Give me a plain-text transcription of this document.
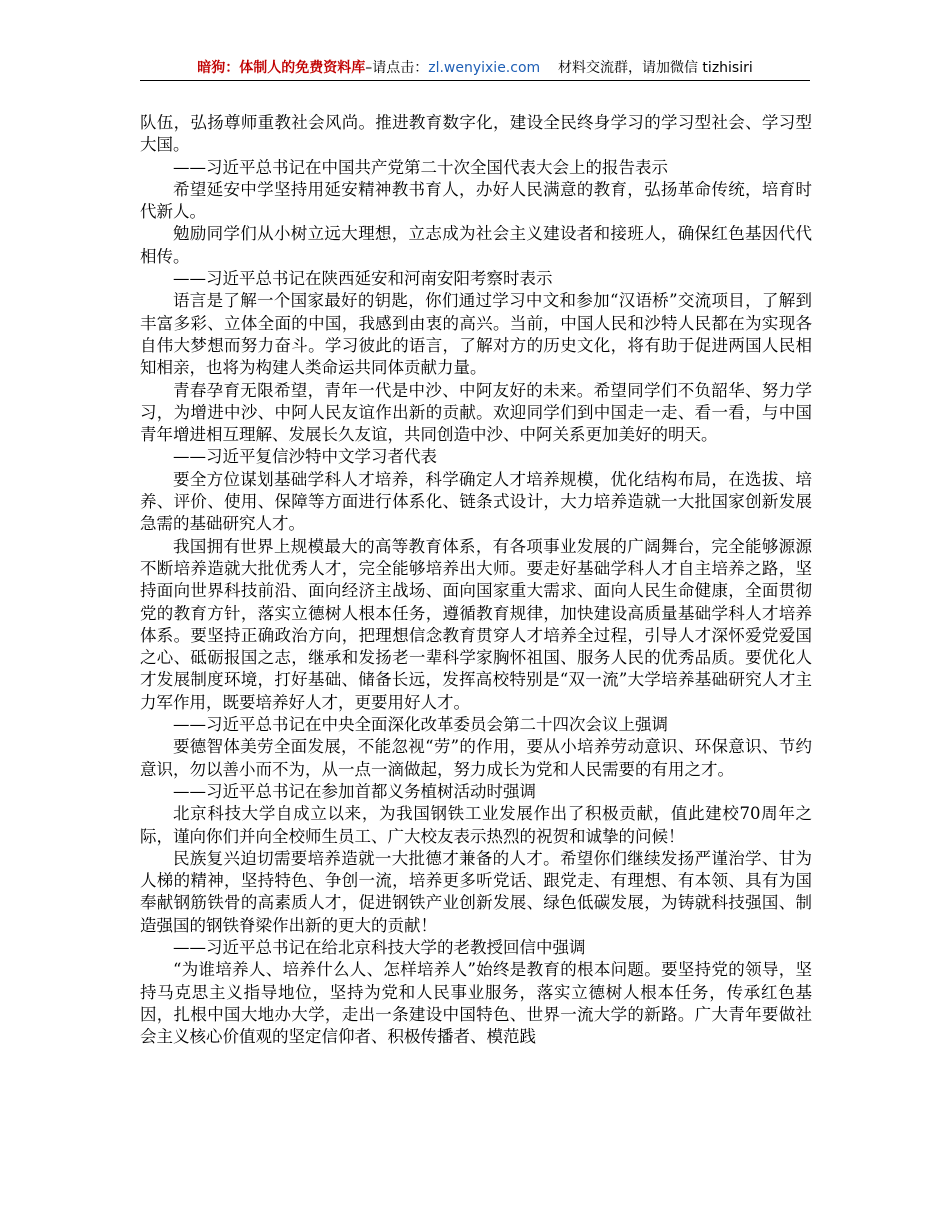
暗狗：体制人的免费资料库–请点击：zl.wenyixie.com 材料交流群，请加微信 tizhisiri

队伍，弘扬尊师重教社会风尚。推进教育数字化，建设全民终身学习的学习型社会、学习型大国。

——习近平总书记在中国共产党第二十次全国代表大会上的报告表示

希望延安中学坚持用延安精神教书育人，办好人民满意的教育，弘扬革命传统，培育时代新人。

勉励同学们从小树立远大理想，立志成为社会主义建设者和接班人，确保红色基因代代相传。

——习近平总书记在陕西延安和河南安阳考察时表示

语言是了解一个国家最好的钥匙，你们通过学习中文和参加“汉语桥”交流项目，了解到丰富多彩、立体全面的中国，我感到由衷的高兴。当前，中国人民和沙特人民都在为实现各自伟大梦想而努力奋斗。学习彼此的语言，了解对方的历史文化，将有助于促进两国人民相知相亲，也将为构建人类命运共同体贡献力量。

青春孕育无限希望，青年一代是中沙、中阿友好的未来。希望同学们不负韶华、努力学习，为增进中沙、中阿人民友谊作出新的贡献。欢迎同学们到中国走一走、看一看，与中国青年增进相互理解、发展长久友谊，共同创造中沙、中阿关系更加美好的明天。

——习近平复信沙特中文学习者代表

要全方位谋划基础学科人才培养，科学确定人才培养规模，优化结构布局，在选拔、培养、评价、使用、保障等方面进行体系化、链条式设计，大力培养造就一大批国家创新发展急需的基础研究人才。

我国拥有世界上规模最大的高等教育体系，有各项事业发展的广阔舞台，完全能够源源不断培养造就大批优秀人才，完全能够培养出大师。要走好基础学科人才自主培养之路，坚持面向世界科技前沿、面向经济主战场、面向国家重大需求、面向人民生命健康，全面贯彻党的教育方针，落实立德树人根本任务，遵循教育规律，加快建设高质量基础学科人才培养体系。要坚持正确政治方向，把理想信念教育贯穿人才培养全过程，引导人才深怀爱党爱国之心、砥砺报国之志，继承和发扬老一辈科学家胸怀祖国、服务人民的优秀品质。要优化人才发展制度环境，打好基础、储备长远，发挥高校特别是“双一流”大学培养基础研究人才主力军作用，既要培养好人才，更要用好人才。

——习近平总书记在中央全面深化改革委员会第二十四次会议上强调

要德智体美劳全面发展，不能忽视“劳”的作用，要从小培养劳动意识、环保意识、节约意识，勿以善小而不为，从一点一滴做起，努力成长为党和人民需要的有用之才。

——习近平总书记在参加首都义务植树活动时强调

北京科技大学自成立以来，为我国钢铁工业发展作出了积极贡献，值此建校70周年之际，谨向你们并向全校师生员工、广大校友表示热烈的祝贺和诚挚的问候！

民族复兴迫切需要培养造就一大批德才兼备的人才。希望你们继续发扬严谨治学、甘为人梯的精神，坚持特色、争创一流，培养更多听党话、跟党走、有理想、有本领、具有为国奉献钢筋铁骨的高素质人才，促进钢铁产业创新发展、绿色低碳发展，为铸就科技强国、制造强国的钢铁脊梁作出新的更大的贡献！

——习近平总书记在给北京科技大学的老教授回信中强调

“为谁培养人、培养什么人、怎样培养人”始终是教育的根本问题。要坚持党的领导，坚持马克思主义指导地位，坚持为党和人民事业服务，落实立德树人根本任务，传承红色基因，扎根中国大地办大学，走出一条建设中国特色、世界一流大学的新路。广大青年要做社会主义核心价值观的坚定信仰者、积极传播者、模范践
